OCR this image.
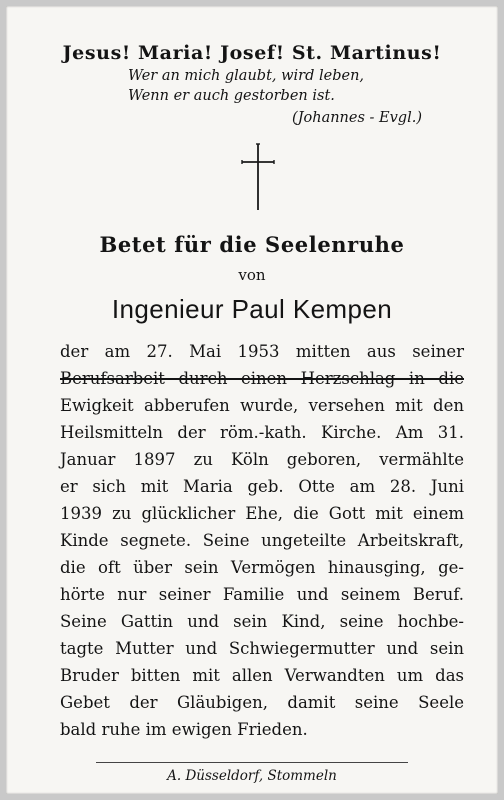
Jesus! Maria! Josef! St. Martinus!
Wer an mich glaubt, wird leben,
Wenn er auch gestorben ist.
(Johannes - Evgl.)
Betet für die Seelenruhe
von
Ingenieur Paul Kempen
der am 27. Mai 1953 mitten aus seiner
Berufsarbeit durch einen Herzschlag in die
Ewigkeit abberufen wurde, versehen mit den
Heilsmitteln der röm.-kath. Kirche. Am 31.
Januar 1897 zu Köln geboren, vermählte
er sich mit Maria geb. Otte am 28. Juni
1939 zu glücklicher Ehe, die Gott mit einem
Kinde segnete. Seine ungeteilte Arbeitskraft,
die oft über sein Vermögen hinausging, ge-
hörte nur seiner Familie und seinem Beruf.
Seine Gattin und sein Kind, seine hochbe-
tagte Mutter und Schwiegermutter und sein
Bruder bitten mit allen Verwandten um das
Gebet der Gläubigen, damit seine Seele
bald ruhe im ewigen Frieden.
A. Düsseldorf, Stommeln
